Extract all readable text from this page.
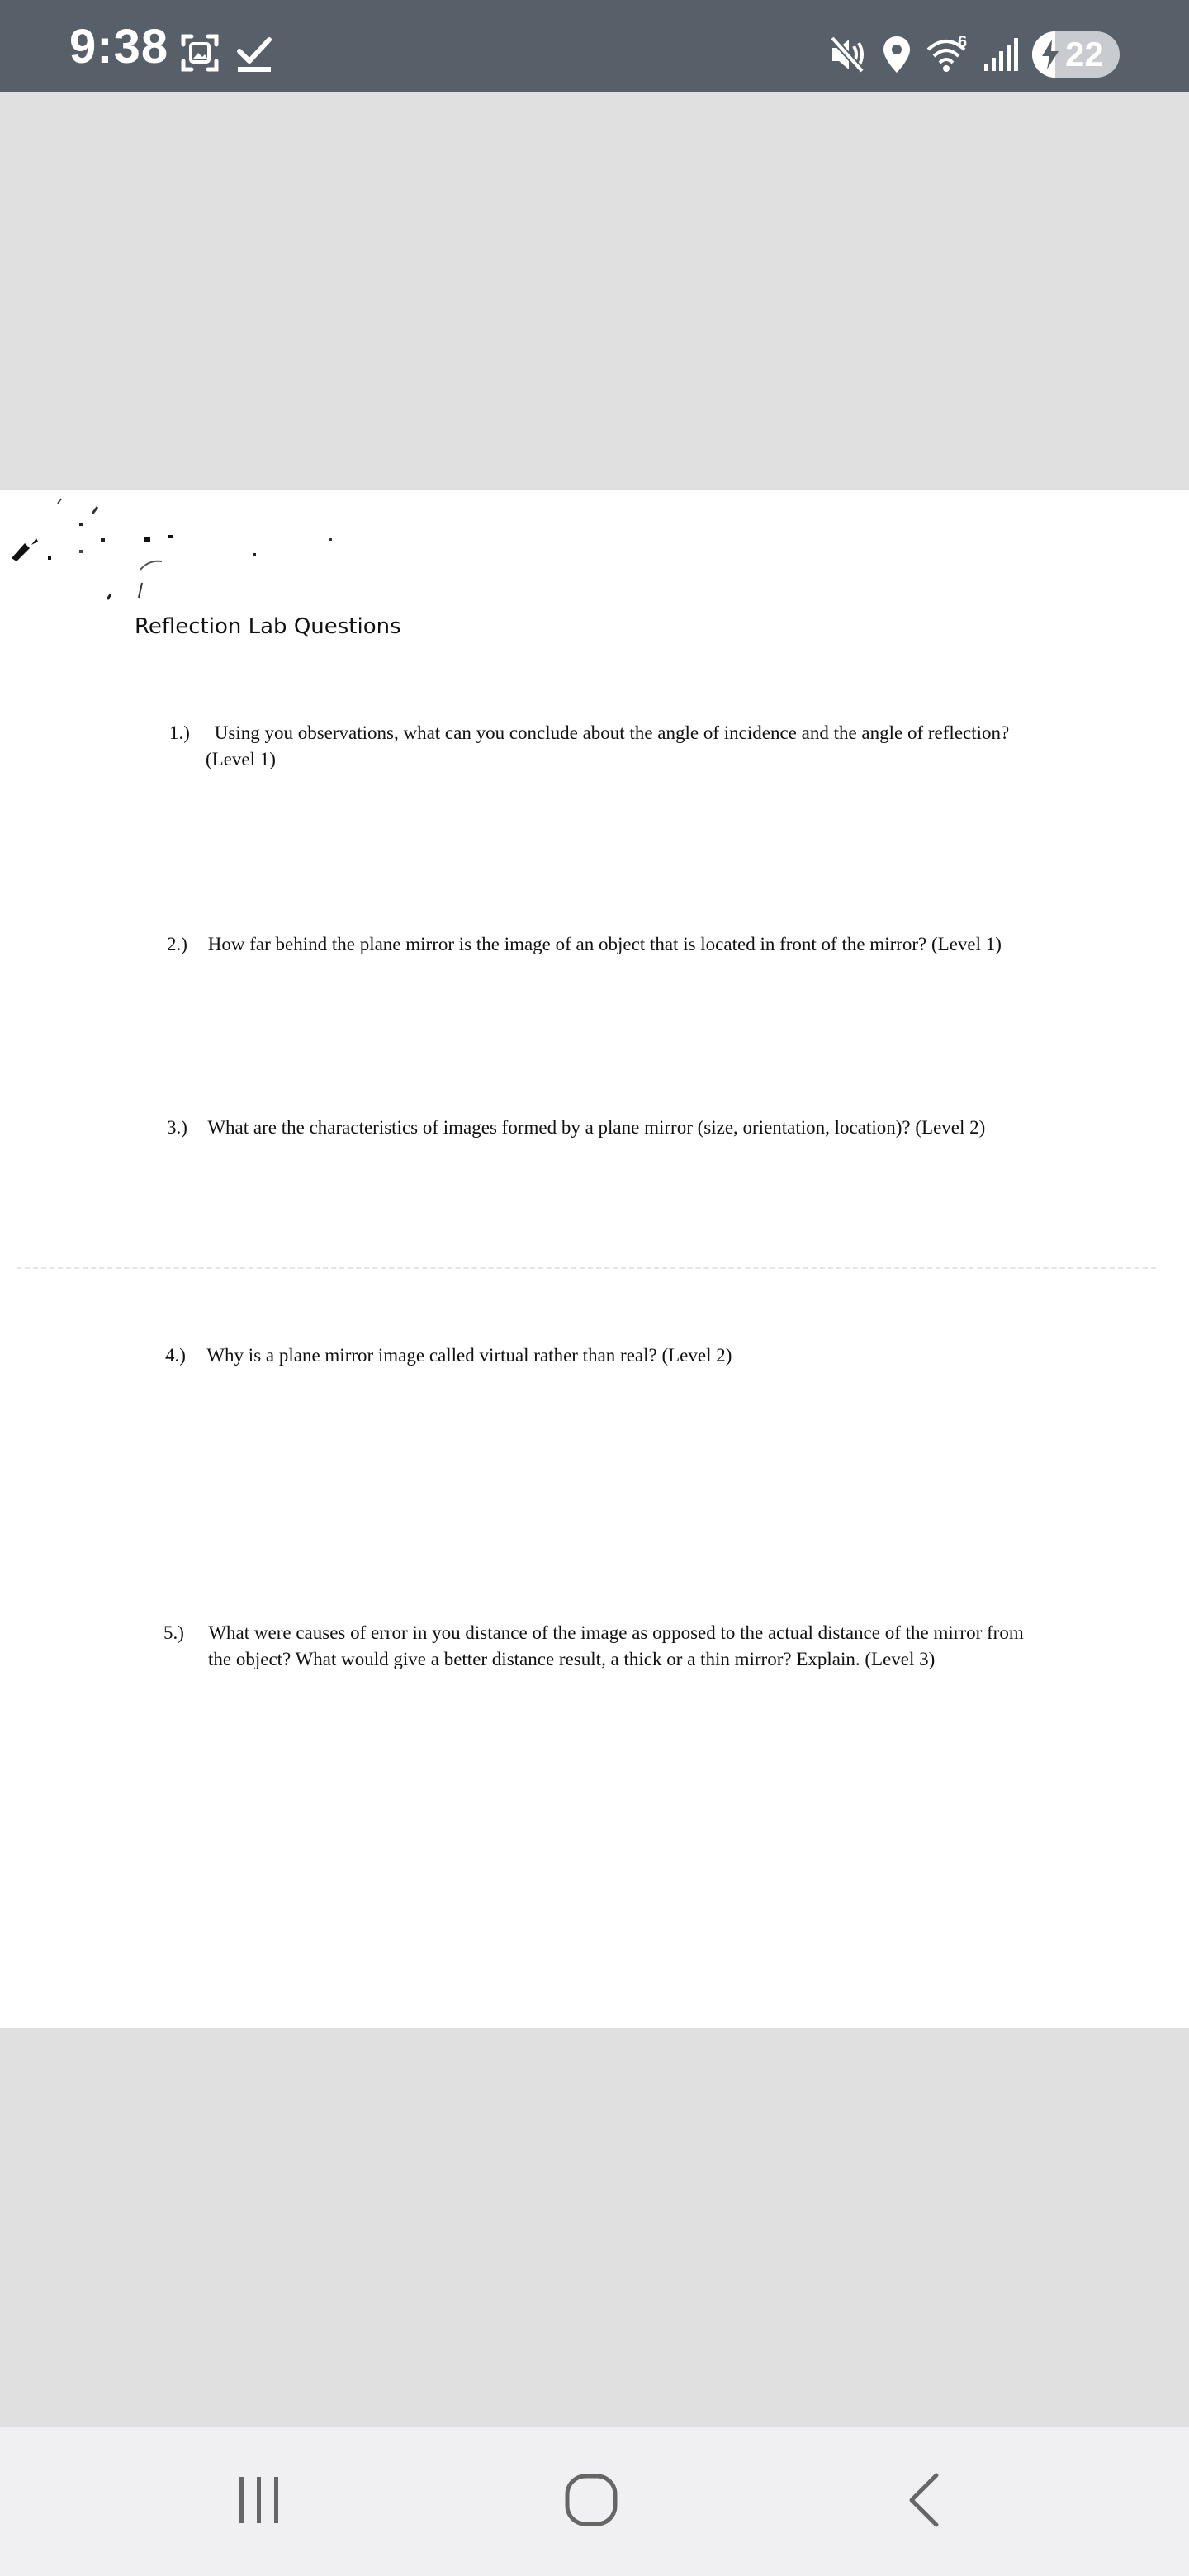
9:38	6	22
Reflection Lab Questions
1.) Using you observations, what can you conclude about the angle of incidence and the angle of reflection?
(Level 1)
2.) How far behind the plane mirror is the image of an object that is located in front of the mirror? (Level 1)
3.) What are the characteristics of images formed by a plane mirror (size, orientation, location)? (Level 2)
4.) Why is a plane mirror image called virtual rather than real? (Level 2)
5.) What were causes of error in you distance of the image as opposed to the actual distance of the mirror from
the object? What would give a better distance result, a thick or a thin mirror? Explain. (Level 3)
